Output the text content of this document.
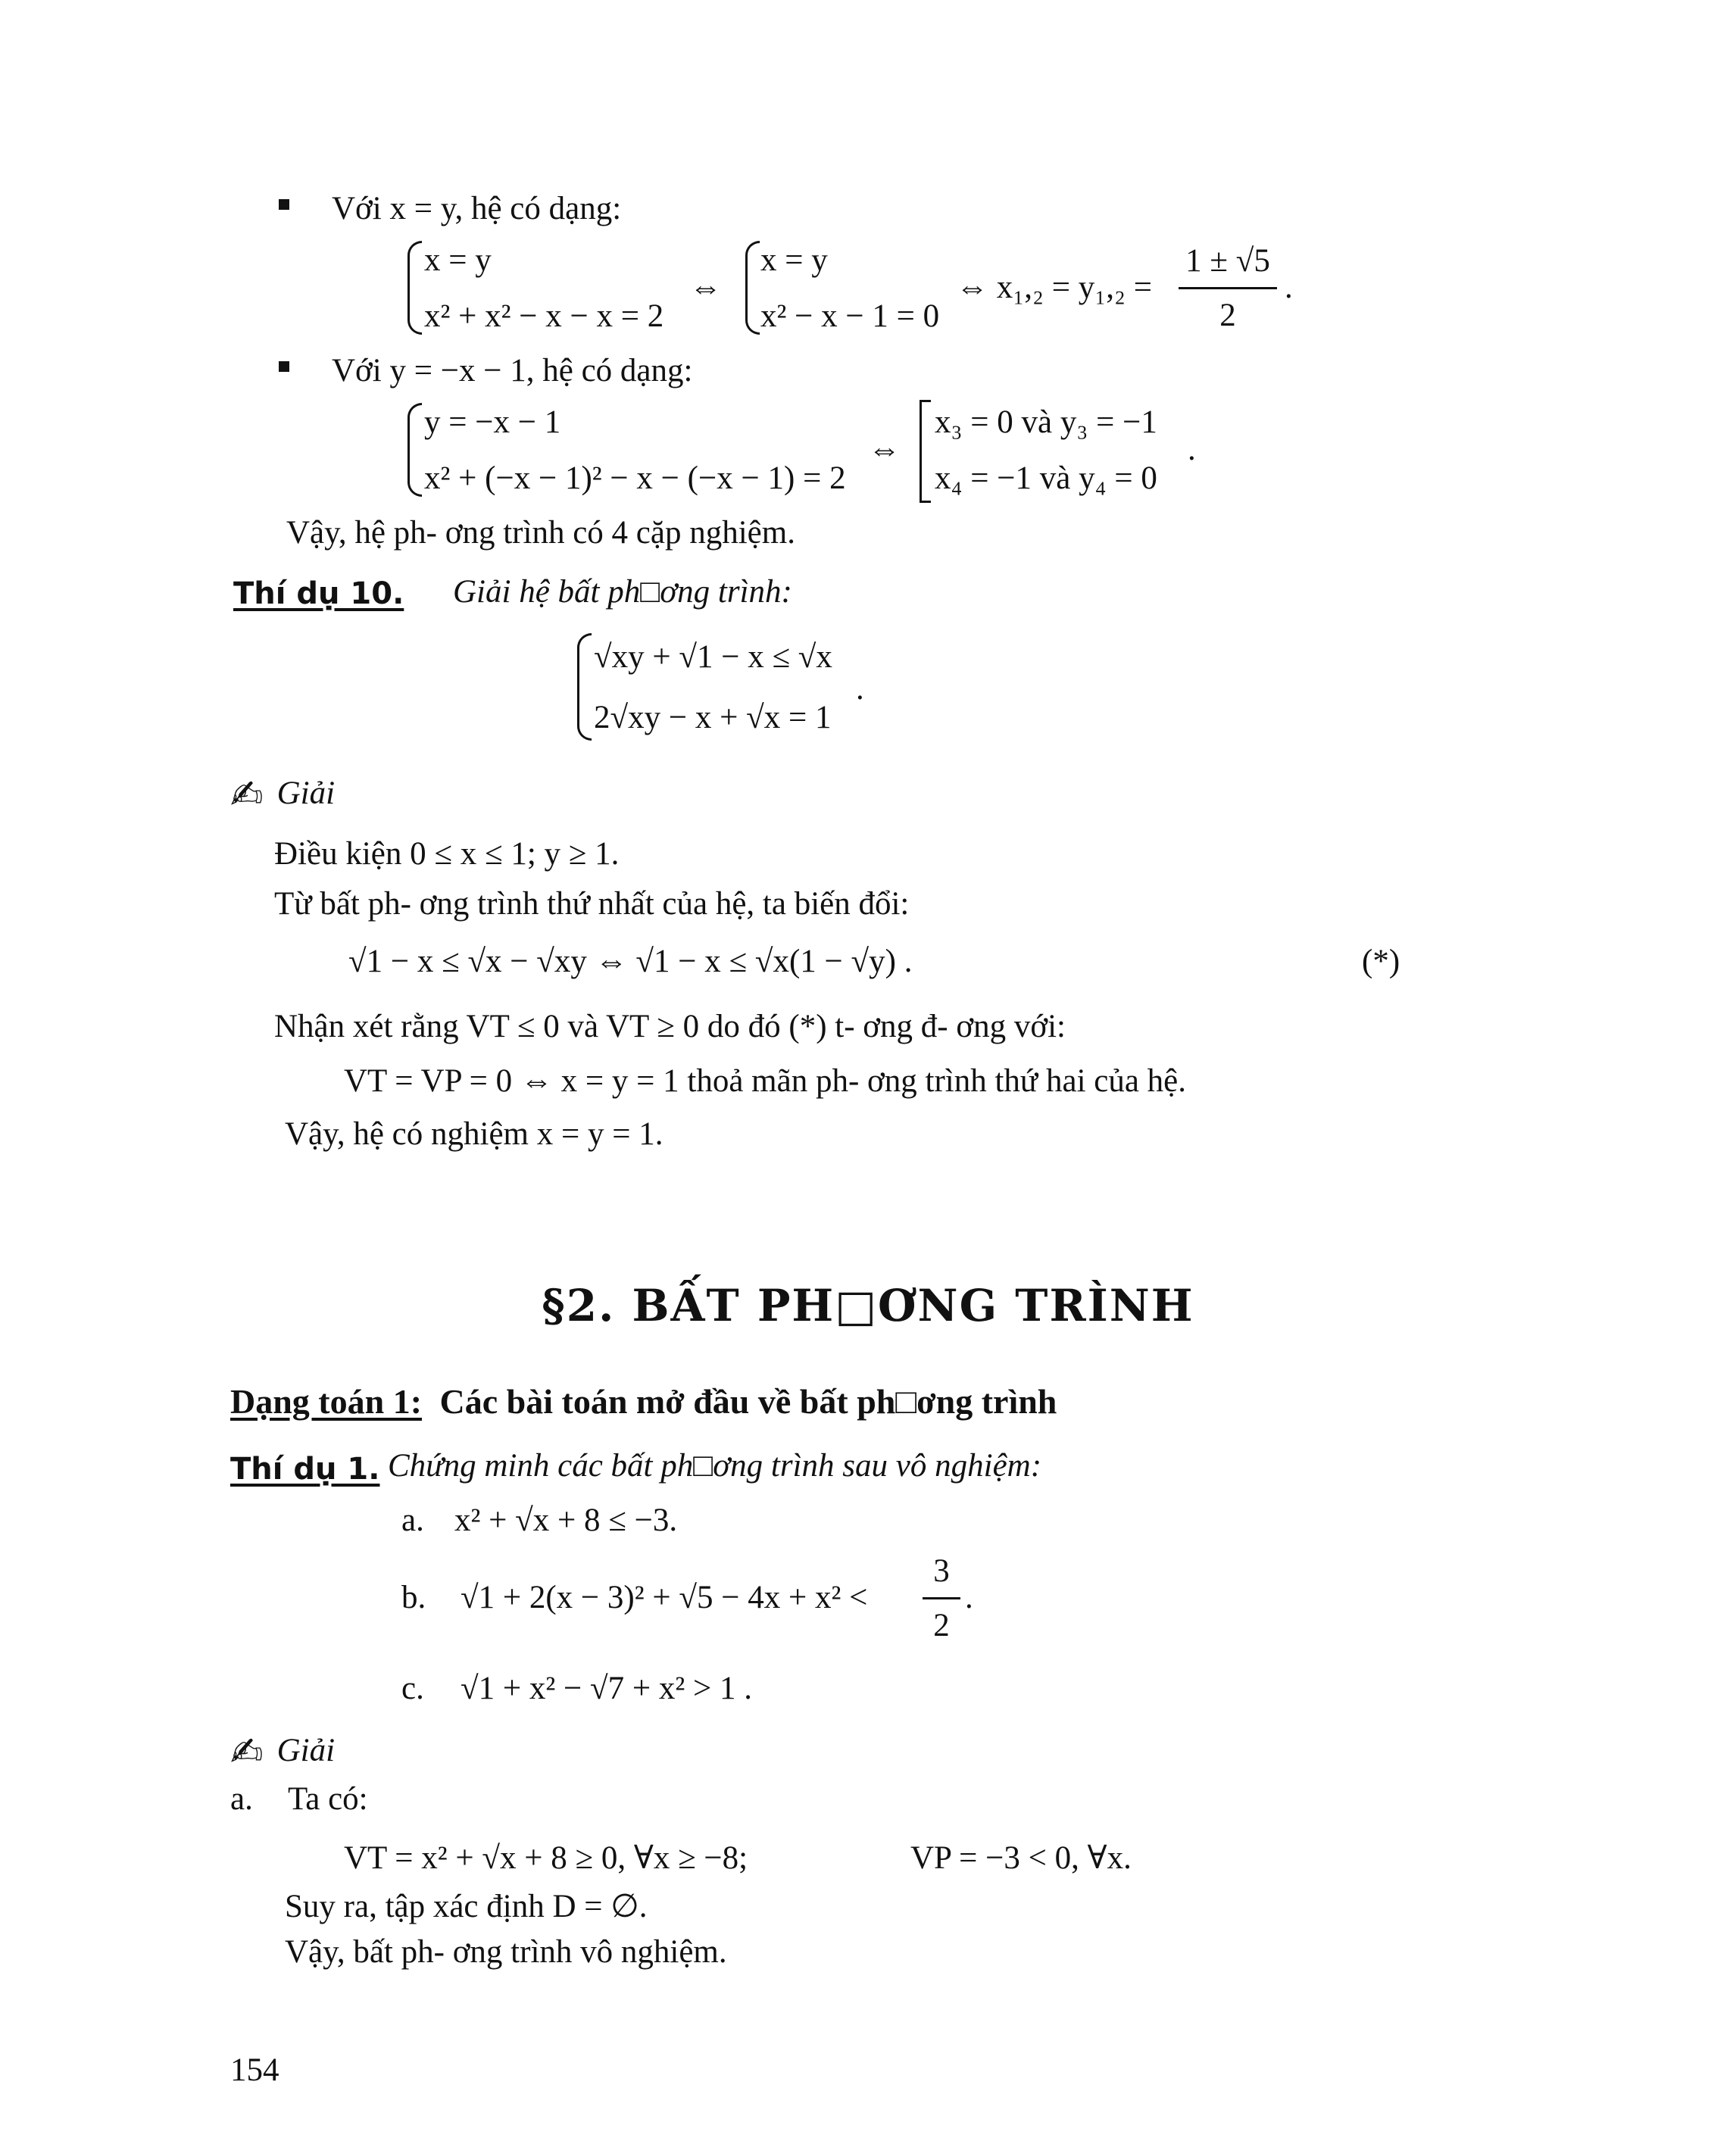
Với x = y, hệ có dạng:
x = y
x² + x² − x − x = 2
⇔
x = y
x² − x − 1 = 0
⇔ x₁,₂ = y₁,₂ =
1 ± √5
2
.
Với y = −x − 1, hệ có dạng:
y = −x − 1
x² + (−x − 1)² − x − (−x − 1) = 2
⇔
x₃ = 0 và y₃ = −1
x₄ = −1 và y₄ = 0
.
Vậy, hệ ph- ơng trình có 4 cặp nghiệm.
Thí dụ 10. Giải hệ bất ph□ơng trình:
√xy + √1 − x ≤ √x
2√xy − x + √x = 1
.
✍ Giải
Điều kiện 0 ≤ x ≤ 1; y ≥ 1.
Từ bất ph- ơng trình thứ nhất của hệ, ta biến đổi:
√1 − x ≤ √x − √xy ⇔ √1 − x ≤ √x(1 − √y) .	(*)
Nhận xét rằng VT ≤ 0 và VT ≥ 0 do đó (*) t- ơng đ- ơng với:
VT = VP = 0 ⇔ x = y = 1 thoả mãn ph- ơng trình thứ hai của hệ.
Vậy, hệ có nghiệm x = y = 1.
§2. BẤT PH□ƠNG TRÌNH
Dạng toán 1: Các bài toán mở đầu về bất ph□ơng trình
Thí dụ 1. Chứng minh các bất ph□ơng trình sau vô nghiệm:
a. x² + √x + 8 ≤ −3.
b. √1 + 2(x − 3)² + √5 − 4x + x² <
3
2
.
c. √1 + x² − √7 + x² > 1 .
✍ Giải
a. Ta có:
VT = x² + √x + 8 ≥ 0, ∀x ≥ −8;	VP = −3 < 0, ∀x.
Suy ra, tập xác định D = ∅.
Vậy, bất ph- ơng trình vô nghiệm.
154
